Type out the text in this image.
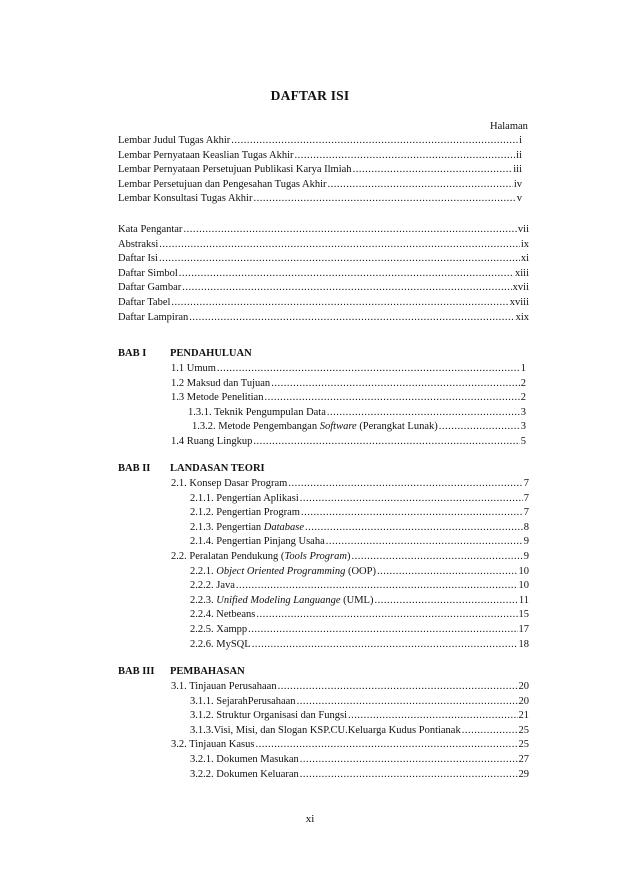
DAFTAR ISI
Halaman
Lembar Judul Tugas Akhir .....	i
Lembar Pernyataan Keaslian Tugas Akhir .....	ii
Lembar Pernyataan Persetujuan Publikasi Karya Ilmiah .....	iii
Lembar Persetujuan dan Pengesahan Tugas Akhir .....	iv
Lembar Konsultasi Tugas Akhir .....	v
Kata Pengantar .....	vii
Abstraksi .....	ix
Daftar Isi .....	xi
Daftar Simbol .....	xiii
Daftar Gambar .....	xvii
Daftar Tabel .....	xviii
Daftar Lampiran .....	xix
BAB I PENDAHULUAN
1.1 Umum .....	1
1.2 Maksud dan Tujuan .....	2
1.3 Metode Penelitian .....	2
1.3.1. Teknik Pengumpulan Data .....	3
1.3.2. Metode Pengembangan Software (Perangkat Lunak) .....	3
1.4 Ruang Lingkup .....	5
BAB II LANDASAN TEORI
2.1. Konsep Dasar Program .....	7
2.1.1. Pengertian Aplikasi .....	7
2.1.2. Pengertian Program .....	7
2.1.3. Pengertian Database .....	8
2.1.4. Pengertian Pinjang Usaha .....	9
2.2. Peralatan Pendukung (Tools Program) .....	9
2.2.1. Object Oriented Programming (OOP) .....	10
2.2.2. Java .....	10
2.2.3. Unified Modeling Languange (UML) .....	11
2.2.4. Netbeans .....	15
2.2.5. Xampp .....	17
2.2.6. MySQL .....	18
BAB III PEMBAHASAN
3.1. Tinjauan Perusahaan .....	20
3.1.1. SejarahPerusahaan .....	20
3.1.2. Struktur Organisasi dan Fungsi .....	21
3.1.3.Visi, Misi, dan Slogan KSP.CU.Keluarga Kudus Pontianak .....	25
3.2. Tinjauan Kasus .....	25
3.2.1. Dokumen Masukan .....	27
3.2.2. Dokumen Keluaran .....	29
xi
